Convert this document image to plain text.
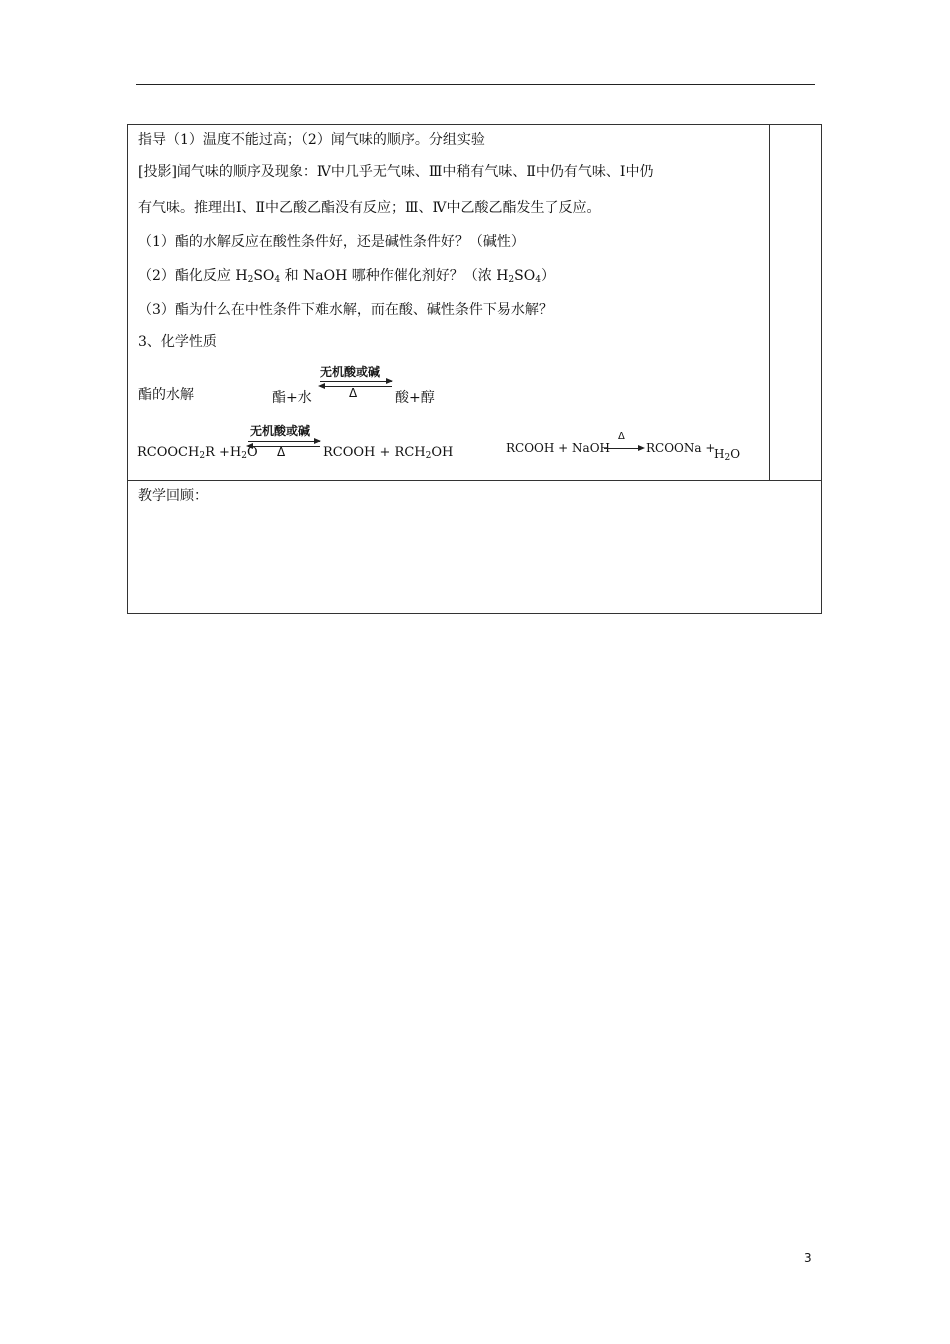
指导（1）温度不能过高；（2）闻气味的顺序。分组实验
[投影]闻气味的顺序及现象：Ⅳ中几乎无气味、Ⅲ中稍有气味、Ⅱ中仍有气味、Ⅰ中仍
有气味。推理出Ⅰ、Ⅱ中乙酸乙酯没有反应；Ⅲ、Ⅳ中乙酸乙酯发生了反应。
（1）酯的水解反应在酸性条件好，还是碱性条件好？（碱性）
（2）酯化反应 $H_2SO_4$ 和 NaOH 哪种作催化剂好？（浓 $H_2SO_4$）
（3）酯为什么在中性条件下难水解，而在酸、碱性条件下易水解？
3、化学性质
酯的水解	酯+水
无机酸或碱
Δ	酸+醇
$RCOOCH_2R +H_2O$
无机酸或碱
Δ	RCOOH + $RCH_2OH$	RCOOH + NaOH
Δ
RCOONa +
$H_2O$
教学回顾：
3
